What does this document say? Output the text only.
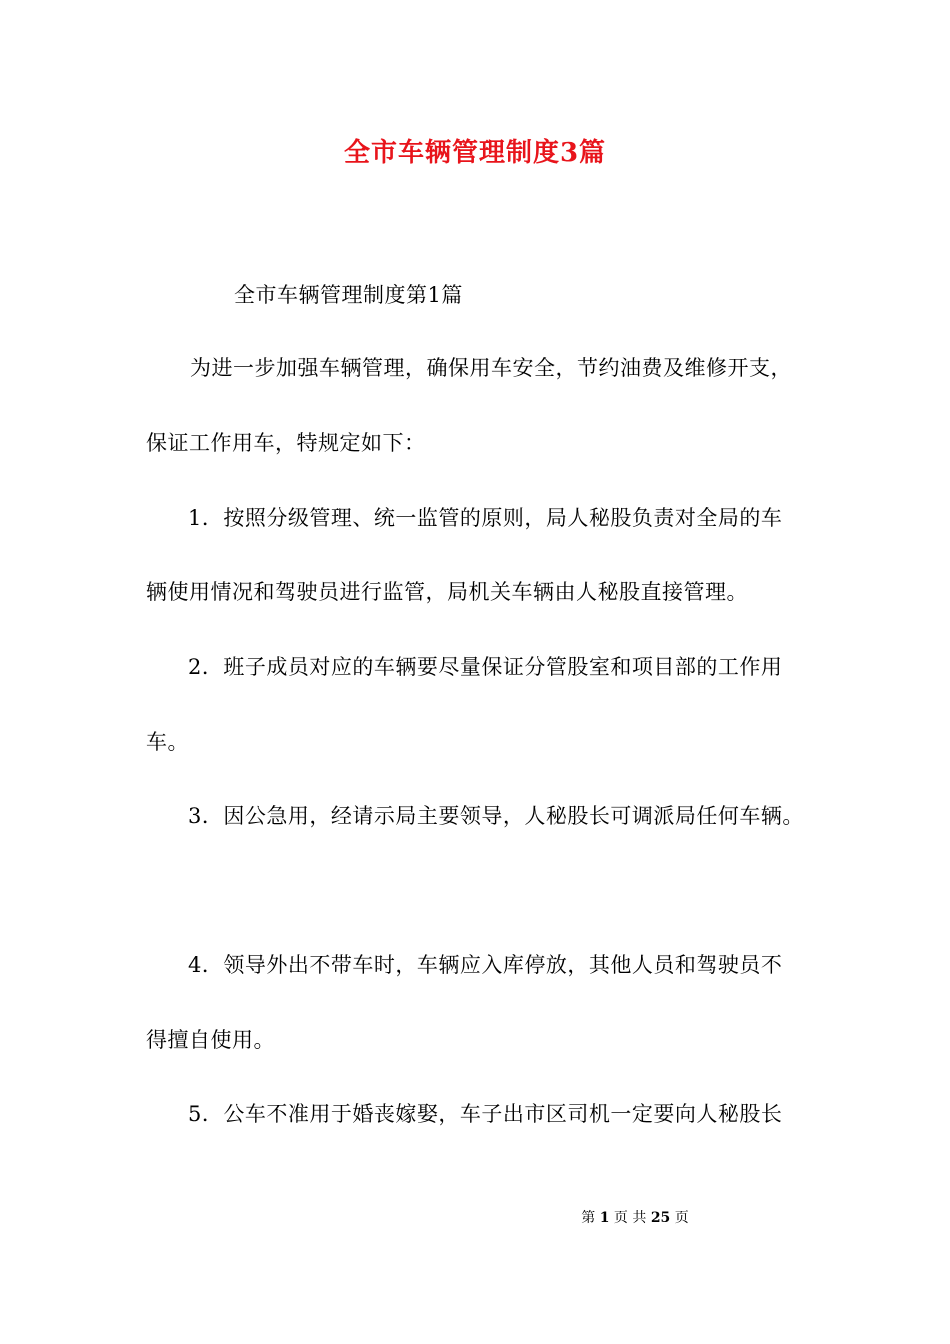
全市车辆管理制度3篇
全市车辆管理制度第1篇
为进一步加强车辆管理，确保用车安全，节约油费及维修开支，
保证工作用车，特规定如下：
1．按照分级管理、统一监管的原则，局人秘股负责对全局的车
辆使用情况和驾驶员进行监管，局机关车辆由人秘股直接管理。
2．班子成员对应的车辆要尽量保证分管股室和项目部的工作用
车。
3．因公急用，经请示局主要领导，人秘股长可调派局任何车辆。
4．领导外出不带车时，车辆应入库停放，其他人员和驾驶员不
得擅自使用。
5．公车不准用于婚丧嫁娶，车子出市区司机一定要向人秘股长
第 1 页 共 25 页
